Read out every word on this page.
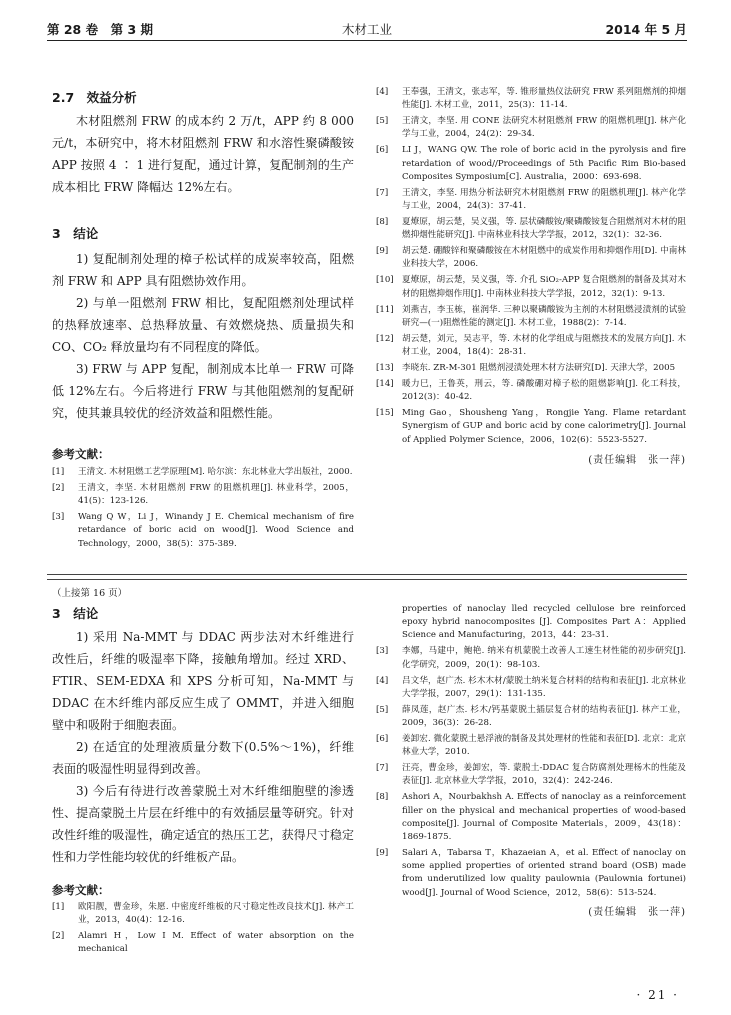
第 28 卷　第 3 期	木材工业	2014 年 5 月

2.7　效益分析

木材阻燃剂 FRW 的成本约 2 万/t，APP 约 8 000 元/t，本研究中，将木材阻燃剂 FRW 和水溶性聚磷酸铵 APP 按照 4 ∶ 1 进行复配，通过计算，复配制剂的生产成本相比 FRW 降幅达 12%左右。

3　结论

1) 复配制剂处理的樟子松试样的成炭率较高，阻燃剂 FRW 和 APP 具有阻燃协效作用。

2) 与单一阻燃剂 FRW 相比，复配阻燃剂处理试样的热释放速率、总热释放量、有效燃烧热、质量损失和 CO、CO₂ 释放量均有不同程度的降低。

3) FRW 与 APP 复配，制剂成本比单一 FRW 可降低 12%左右。今后将进行 FRW 与其他阻燃剂的复配研究，使其兼具较优的经济效益和阻燃性能。

参考文献：

[1]	王清文. 木材阻燃工艺学原理[M]. 哈尔滨：东北林业大学出版社，2000.
[2]	王清文，李坚. 木材阻燃剂 FRW 的阻燃机理[J]. 林业科学，2005，41(5)：123-126.
[3]	Wang Q W，Li J，Winandy J E. Chemical mechanism of fire retardance of boric acid on wood[J]. Wood Science and Technology，2000，38(5)：375-389.
[4]	王奉强，王清文，张志军，等. 锥形量热仪法研究 FRW 系列阻燃剂的抑烟性能[J]. 木材工业，2011，25(3)：11-14.
[5]	王清文，李坚. 用 CONE 法研究木材阻燃剂 FRW 的阻燃机理[J]. 林产化学与工业，2004，24(2)：29-34.
[6]	LI J，WANG QW. The role of boric acid in the pyrolysis and fire retardation of wood//Proceedings of 5th Pacific Rim Bio-based Composites Symposium[C]. Australia，2000：693-698.
[7]	王清文，李坚. 用热分析法研究木材阻燃剂 FRW 的阻燃机理[J]. 林产化学与工业，2004，24(3)：37-41.
[8]	夏燎原，胡云楚，吴义强，等. 层状磷酸铵/聚磷酸铵复合阻燃剂对木材的阻燃抑烟性能研究[J]. 中南林业科技大学学报，2012，32(1)：32-36.
[9]	胡云楚. 硼酸锌和聚磷酸铵在木材阻燃中的成炭作用和抑烟作用[D]. 中南林业科技大学，2006.
[10] 夏燎原，胡云楚，吴义强，等. 介孔 SiO₂-APP 复合阻燃剂的制备及其对木材的阻燃抑烟作用[J]. 中南林业科技大学学报，2012，32(1)：9-13.
[11] 刘燕吉，李玉栋，崔润华. 三种以聚磷酸铵为主剂的木材阻燃浸渍剂的试验研究—(一)阻燃性能的测定[J]. 木材工业，1988(2)：7-14.
[12] 胡云楚，刘元，吴志平，等. 木材的化学组成与阻燃技术的发展方向[J]. 木材工业，2004，18(4)：28-31.
[13] 李晓东. ZR-M-301 阻燃剂浸渍处理木材方法研究[D]. 天津大学，2005
[14] 暖力巳，王鲁英，刑云，等. 磷酸硼对樟子松的阻燃影响[J]. 化工科技，2012(3)：40-42.
[15] Ming Gao，Shousheng Yang，Rongjie Yang. Flame retardant Synergism of GUP and boric acid by cone calorimetry[J]. Journal of Applied Polymer Science，2006，102(6)：5523-5527.
(责任编辑　张一萍)
（上接第 16 页）

3　结论

1) 采用 Na-MMT 与 DDAC 两步法对木纤维进行改性后，纤维的吸湿率下降，接触角增加。经过 XRD、FTIR、SEM-EDXA 和 XPS 分析可知，Na-MMT 与 DDAC 在木纤维内部反应生成了 OMMT，并进入细胞壁中和吸附于细胞表面。

2) 在适宜的处理液质量分数下(0.5%～1%)，纤维表面的吸湿性明显得到改善。

3) 今后有待进行改善蒙脱土对木纤维细胞壁的渗透性、提高蒙脱土片层在纤维中的有效插层量等研究。针对改性纤维的吸湿性，确定适宜的热压工艺，获得尺寸稳定性和力学性能均较优的纤维板产品。

参考文献：

[1]	欧阳靓，曹金珍，朱愿. 中密度纤维板的尺寸稳定性改良技术[J]. 林产工业，2013，40(4)：12-16.
[2]	Alamri H，Low I M. Effect of water absorption on the mechanical
properties of nanoclay lled recycled cellulose bre reinforced epoxy hybrid nanocomposites [J]. Composites Part A：Applied Science and Manufacturing，2013，44：23-31.
[3]	李娜，马建中，鲍艳. 纳米有机蒙脱土改善人工速生材性能的初步研究[J]. 化学研究，2009，20(1)：98-103.
[4]	吕文华，赵广杰. 杉木木材/蒙脱土纳米复合材料的结构和表征[J]. 北京林业大学学报，2007，29(1)：131-135.
[5]	薛凤莲，赵广杰. 杉木/钙基蒙脱土插层复合材的结构表征[J]. 林产工业，2009，36(3)：26-28.
[6]	姜卸宏. 微化蒙脱土悬浮液的制备及其处理材的性能和表征[D]. 北京：北京林业大学，2010.
[7]	汪亮，曹金珍，姜卸宏，等. 蒙脱土-DDAC 复合防腐剂处理杨木的性能及表征[J]. 北京林业大学学报，2010，32(4)：242-246.
[8]	Ashori A，Nourbakhsh A. Effects of nanoclay as a reinforcement filler on the physical and mechanical properties of wood-based composite[J]. Journal of Composite Materials，2009，43(18)：1869-1875.
[9]	Salari A，Tabarsa T，Khazaeian A，et al. Effect of nanoclay on some applied properties of oriented strand board (OSB) made from underutilized low quality paulownia (Paulownia fortunei) wood[J]. Journal of Wood Science，2012，58(6)：513-524.
(责任编辑　张一萍)
· 21 ·
